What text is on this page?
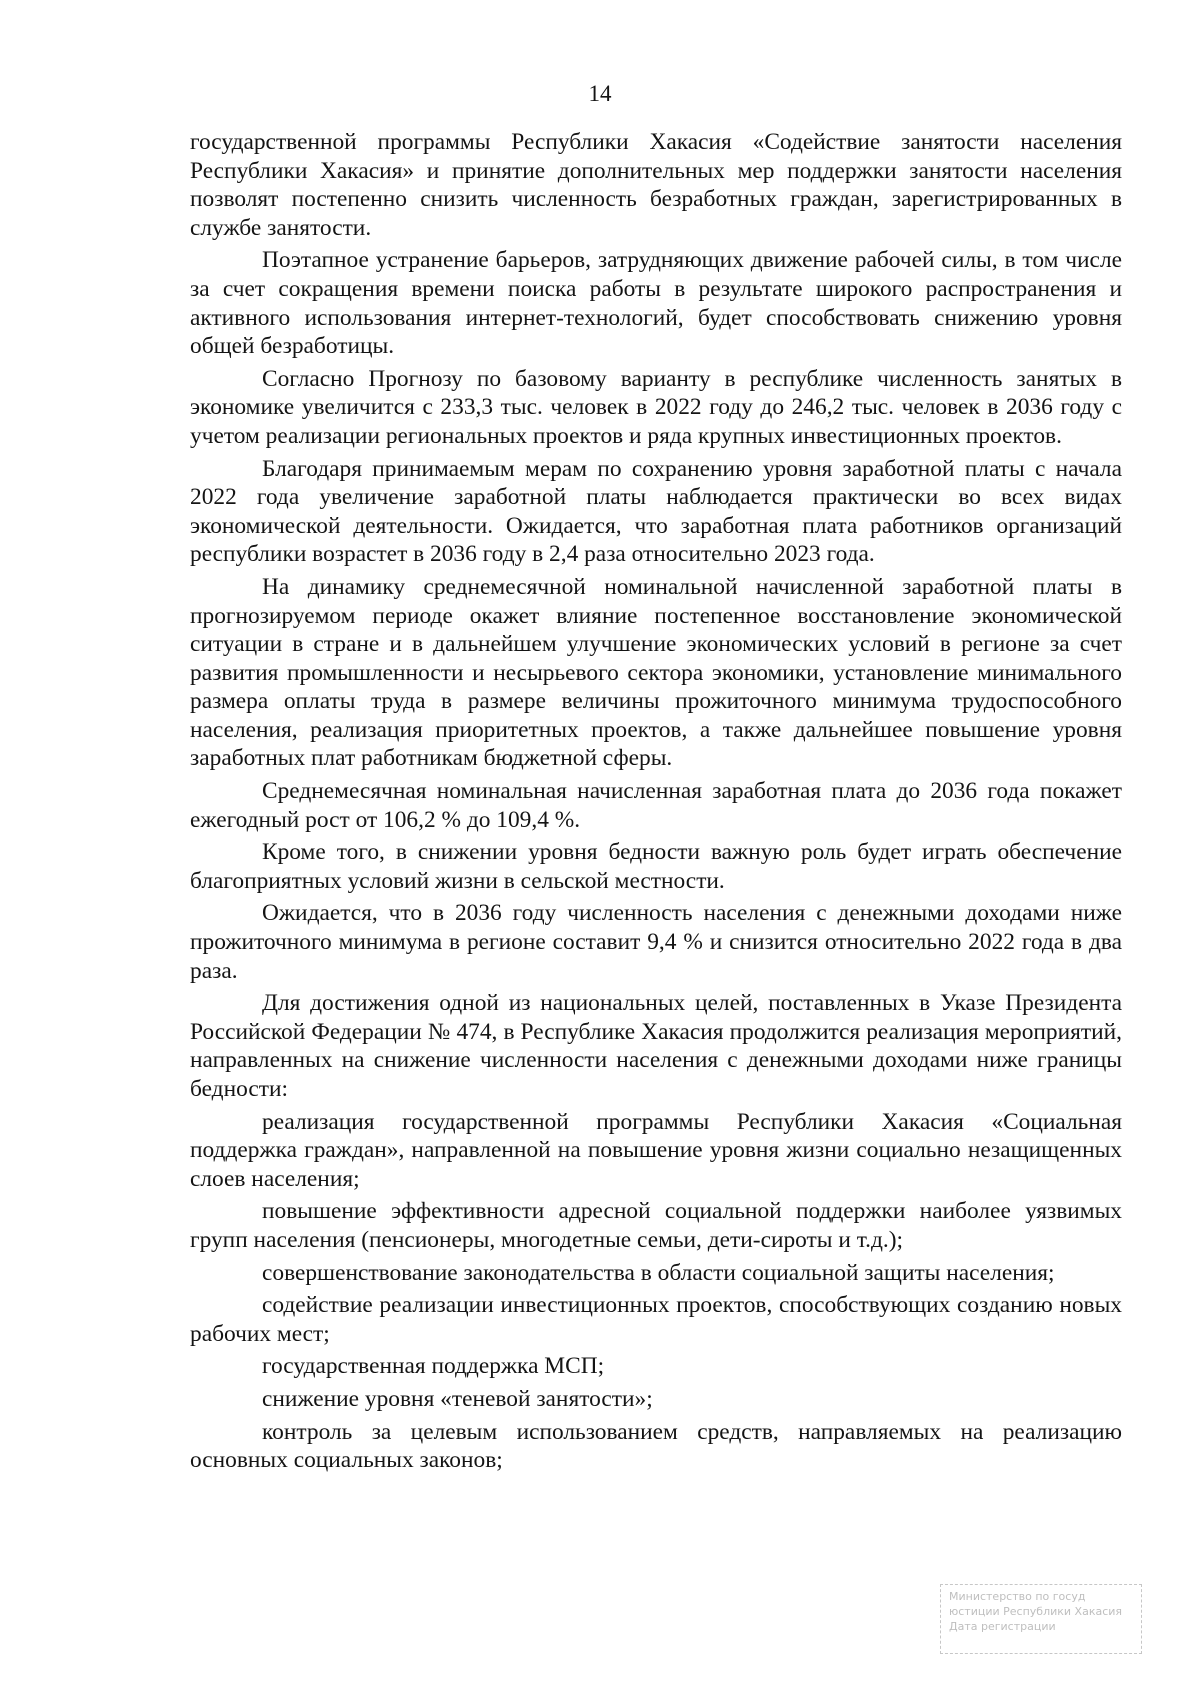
14

государственной программы Республики Хакасия «Содействие занятости населения Республики Хакасия» и принятие дополнительных мер поддержки занятости населения позволят постепенно снизить численность безработных граждан, зарегистрированных в службе занятости.

Поэтапное устранение барьеров, затрудняющих движение рабочей силы, в том числе за счет сокращения времени поиска работы в результате широкого распространения и активного использования интернет-технологий, будет способствовать снижению уровня общей безработицы.

Согласно Прогнозу по базовому варианту в республике численность занятых в экономике увеличится с 233,3 тыс. человек в 2022 году до 246,2 тыс. человек в 2036 году с учетом реализации региональных проектов и ряда крупных инвестиционных проектов.

Благодаря принимаемым мерам по сохранению уровня заработной платы с начала 2022 года увеличение заработной платы наблюдается практически во всех видах экономической деятельности. Ожидается, что заработная плата работников организаций республики возрастет в 2036 году в 2,4 раза относительно 2023 года.

На динамику среднемесячной номинальной начисленной заработной платы в прогнозируемом периоде окажет влияние постепенное восстановление экономической ситуации в стране и в дальнейшем улучшение экономических условий в регионе за счет развития промышленности и несырьевого сектора экономики, установление минимального размера оплаты труда в размере величины прожиточного минимума трудоспособного населения, реализация приоритетных проектов, а также дальнейшее повышение уровня заработных плат работникам бюджетной сферы.

Среднемесячная номинальная начисленная заработная плата до 2036 года покажет ежегодный рост от 106,2 % до 109,4 %.

Кроме того, в снижении уровня бедности важную роль будет играть обеспечение благоприятных условий жизни в сельской местности.

Ожидается, что в 2036 году численность населения с денежными доходами ниже прожиточного минимума в регионе составит 9,4 % и снизится относительно 2022 года в два раза.

Для достижения одной из национальных целей, поставленных в Указе Президента Российской Федерации № 474, в Республике Хакасия продолжится реализация мероприятий, направленных на снижение численности населения с денежными доходами ниже границы бедности:

реализация государственной программы Республики Хакасия «Социальная поддержка граждан», направленной на повышение уровня жизни социально незащищенных слоев населения;

повышение эффективности адресной социальной поддержки наиболее уязвимых групп населения (пенсионеры, многодетные семьи, дети-сироты и т.д.);

совершенствование законодательства в области социальной защиты населения;

содействие реализации инвестиционных проектов, способствующих созданию новых рабочих мест;

государственная поддержка МСП;

снижение уровня «теневой занятости»;

контроль за целевым использованием средств, направляемых на реализацию основных социальных законов;

Министерство по госуд
юстиции Республики Хакасия
Дата регистрации
